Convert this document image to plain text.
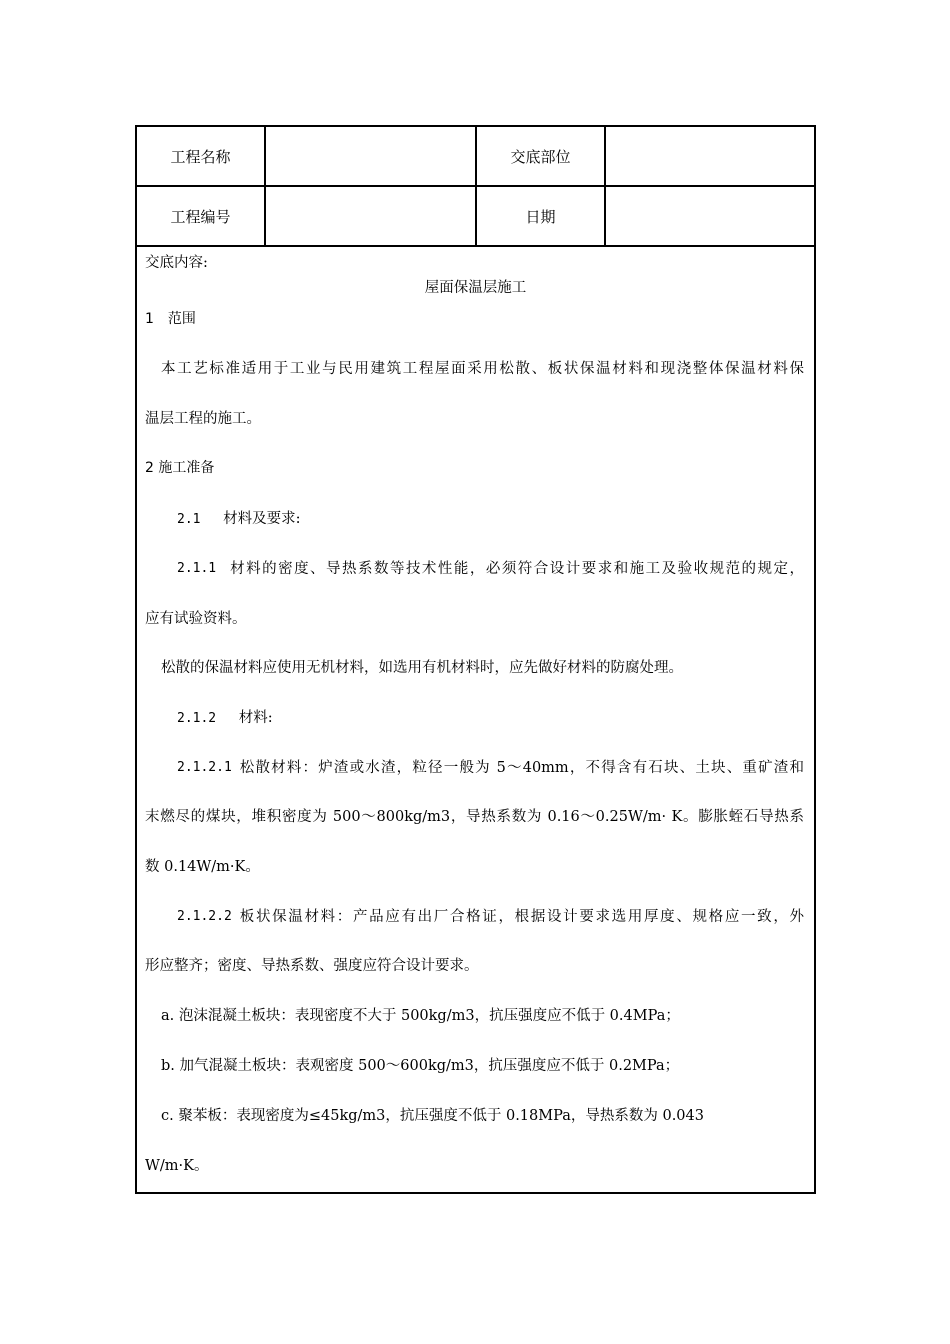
工程名称	交底部位
工程编号	日期
交底内容:
屋面保温层施工
1　范围
本工艺标准适用于工业与民用建筑工程屋面采用松散、板状保温材料和现浇整体保温材料保
温层工程的施工。
2 施工准备
2.1 材料及要求:
2.1.1 材料的密度、导热系数等技术性能，必须符合设计要求和施工及验收规范的规定，
应有试验资料。
松散的保温材料应使用无机材料，如选用有机材料时，应先做好材料的防腐处理。
2.1.2 材料:
2.1.2.1 松散材料：炉渣或水渣，粒径一般为 5～40mm，不得含有石块、土块、重矿渣和
末燃尽的煤块，堆积密度为 500～800kg/m3，导热系数为 0.16～0.25W/m· K。膨胀蛭石导热系
数 0.14W/m·K。
2.1.2.2 板状保温材料：产品应有出厂合格证，根据设计要求选用厚度、规格应一致，外
形应整齐；密度、导热系数、强度应符合设计要求。
a. 泡沫混凝土板块：表现密度不大于 500kg/m3，抗压强度应不低于 0.4MPa；
b. 加气混凝土板块：表观密度 500～600kg/m3，抗压强度应不低于 0.2MPa；
c. 聚苯板：表现密度为≤45kg/m3，抗压强度不低于 0.18MPa，导热系数为 0.043
W/m·K。
